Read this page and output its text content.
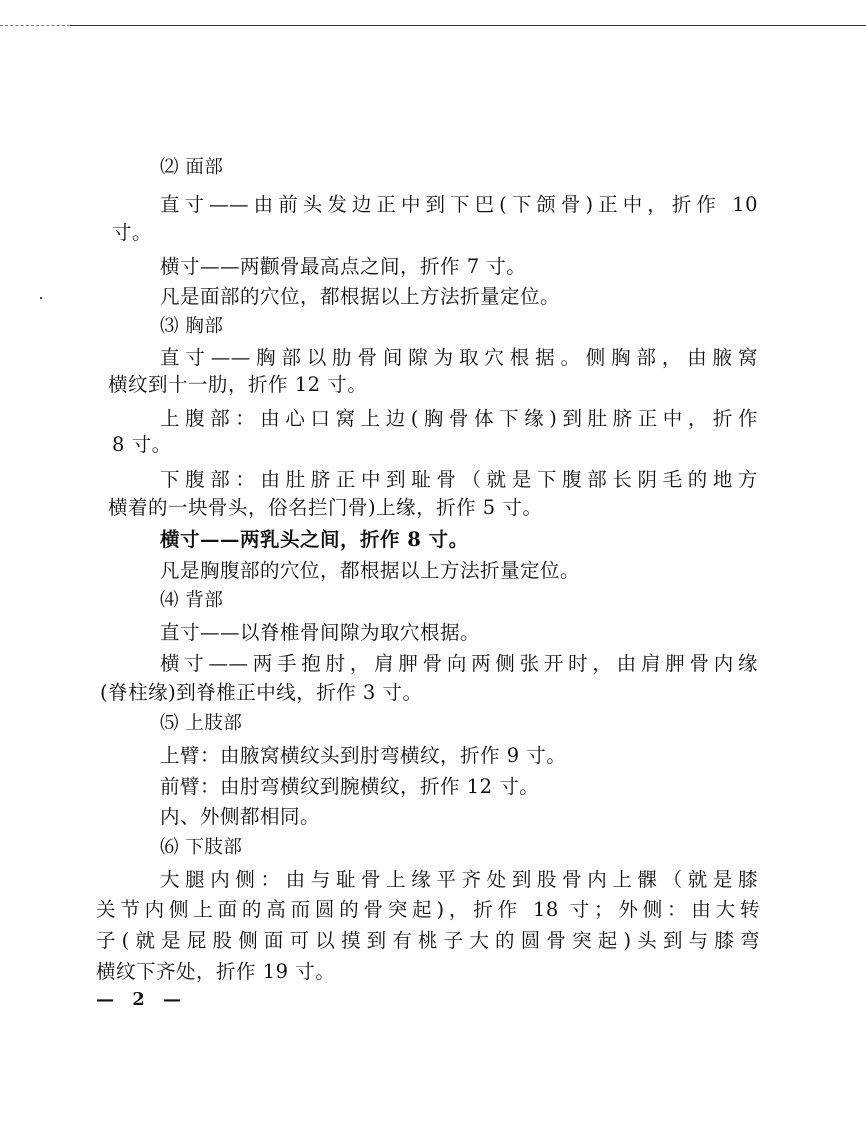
⑵ 面部
直寸——由前头发边正中到下巴(下颌骨)正中，折作 10
寸。
横寸——两颧骨最高点之间，折作 7 寸。
凡是面部的穴位，都根据以上方法折量定位。
⑶ 胸部
直寸——胸部以肋骨间隙为取穴根据。侧胸部，由腋窝
横纹到十一肋，折作 12 寸。
上腹部：由心口窝上边(胸骨体下缘)到肚脐正中，折作
8 寸。
下腹部：由肚脐正中到耻骨（就是下腹部长阴毛的地方
横着的一块骨头，俗名拦门骨)上缘，折作 5 寸。
横寸——两乳头之间，折作 8 寸。
凡是胸腹部的穴位，都根据以上方法折量定位。
⑷ 背部
直寸——以脊椎骨间隙为取穴根据。
横寸——两手抱肘，肩胛骨向两侧张开时，由肩胛骨内缘
(脊柱缘)到脊椎正中线，折作 3 寸。
⑸ 上肢部
上臂：由腋窝横纹头到肘弯横纹，折作 9 寸。
前臂：由肘弯横纹到腕横纹，折作 12 寸。
内、外侧都相同。
⑹ 下肢部
大腿内侧：由与耻骨上缘平齐处到股骨内上髁（就是膝
关节内侧上面的高而圆的骨突起)，折作 18 寸；外侧：由大转
子(就是屁股侧面可以摸到有桃子大的圆骨突起)头到与膝弯
横纹下齐处，折作 19 寸。
— 2 —
